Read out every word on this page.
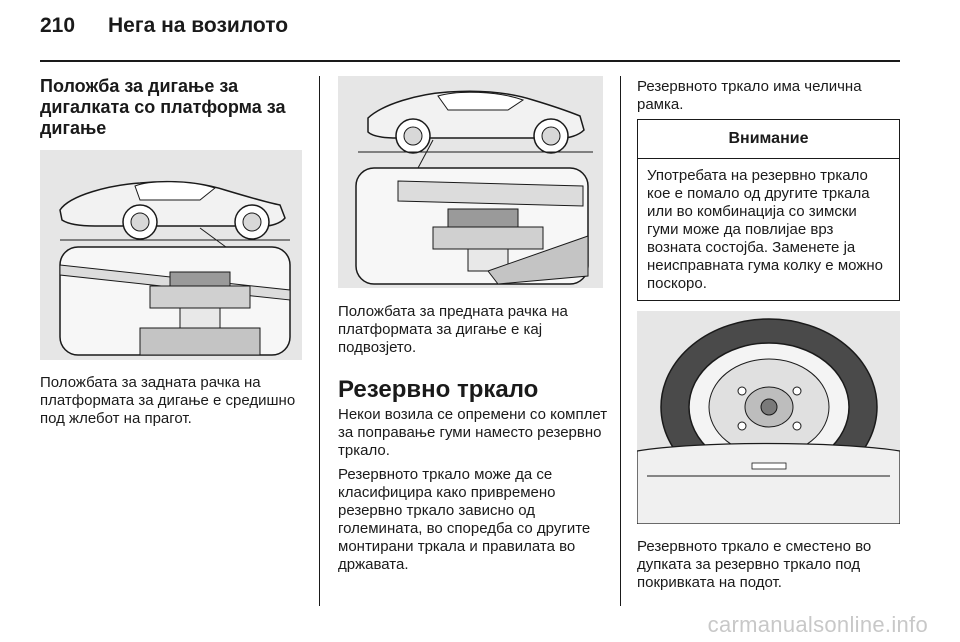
210 Нега на возилото
Положба за дигање за дигалката со платформа за дигање
Положбата за задната рачка на платформата за дигање е средишно под жлебот на прагот.
Положбата за предната рачка на платформата за дигање е кај подвозјето.
Резервно тркало
Некои возила се опремени со комплет за поправање гуми наместо резервно тркало.
Резервното тркало може да се класифицира како привремено резервно тркало зависно од големината, во споредба со другите монтирани тркала и правилата во државата.
Резервното тркало има челична рамка.
Внимание
Употребата на резервно тркало кое е помало од другите тркала или во комбинација со зимски гуми може да повлијае врз возната состојба. Заменете ја неисправната гума колку е можно поскоро.
Резервното тркало е сместено во дупката за резервно тркало под покривката на подот.
carmanualsonline.info
